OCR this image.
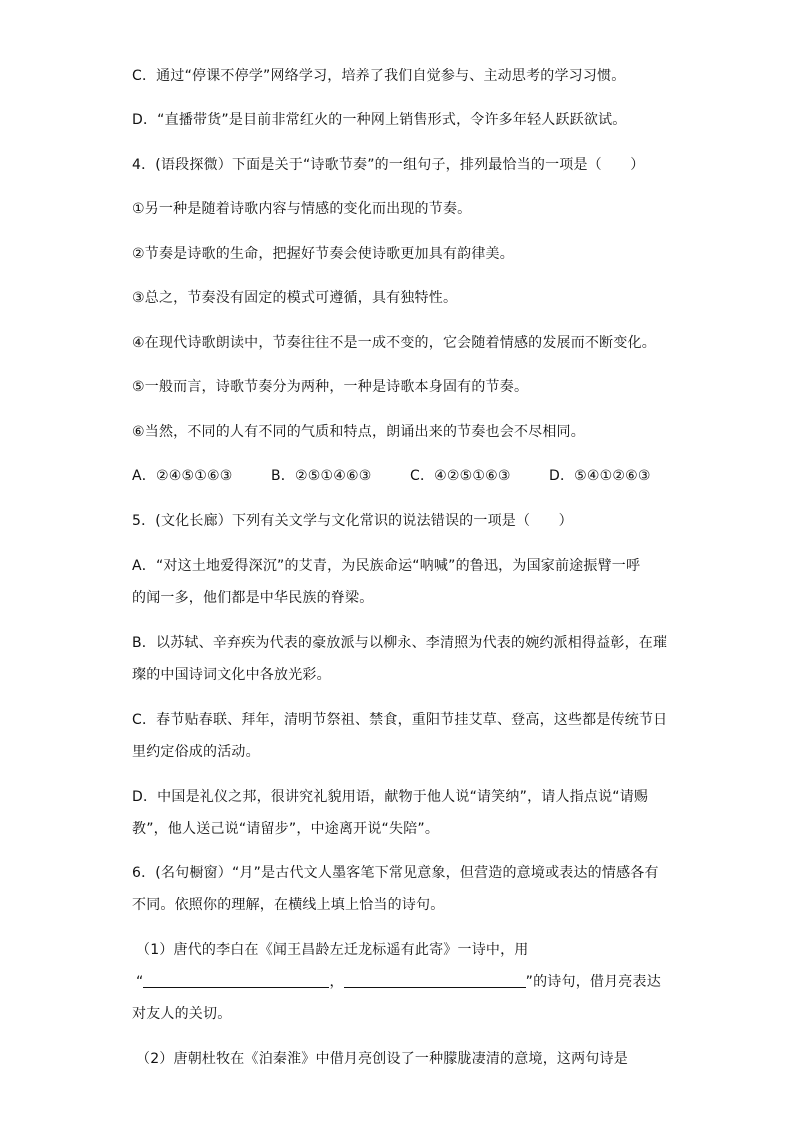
C．通过“停课不停学”网络学习，培养了我们自觉参与、主动思考的学习习惯。
D．“直播带货”是目前非常红火的一种网上销售形式，令许多年轻人跃跃欲试。
4．(语段探微）下面是关于“诗歌节奏”的一组句子，排列最恰当的一项是（　　）
①另一种是随着诗歌内容与情感的变化而出现的节奏。
②节奏是诗歌的生命，把握好节奏会使诗歌更加具有韵律美。
③总之，节奏没有固定的模式可遵循，具有独特性。
④在现代诗歌朗读中，节奏往往不是一成不变的，它会随着情感的发展而不断变化。
⑤一般而言，诗歌节奏分为两种，一种是诗歌本身固有的节奏。
⑥当然，不同的人有不同的气质和特点，朗诵出来的节奏也会不尽相同。
A．②④⑤①⑥③	B．②⑤①④⑥③	C．④②⑤①⑥③	D．⑤④①②⑥③
5．(文化长廊）下列有关文学与文化常识的说法错误的一项是（　　）
A．“对这土地爱得深沉”的艾青，为民族命运“呐喊”的鲁迅，为国家前途振臂一呼
的闻一多，他们都是中华民族的脊梁。
B．以苏轼、辛弃疾为代表的豪放派与以柳永、李清照为代表的婉约派相得益彰，在璀
璨的中国诗词文化中各放光彩。
C．春节贴春联、拜年，清明节祭祖、禁食，重阳节挂艾草、登高，这些都是传统节日
里约定俗成的活动。
D．中国是礼仪之邦，很讲究礼貌用语，献物于他人说“请笑纳”，请人指点说“请赐
教”，他人送己说“请留步”，中途离开说“失陪”。
6．(名句橱窗）“月”是古代文人墨客笔下常见意象，但营造的意境或表达的情感各有
不同。依照你的理解，在横线上填上恰当的诗句。
（1）唐代的李白在《闻王昌龄左迁龙标遥有此寄》一诗中，用
“	，	”的诗句，借月亮表达
对友人的关切。
（2）唐朝杜牧在《泊秦淮》中借月亮创设了一种朦胧凄清的意境，这两句诗是
